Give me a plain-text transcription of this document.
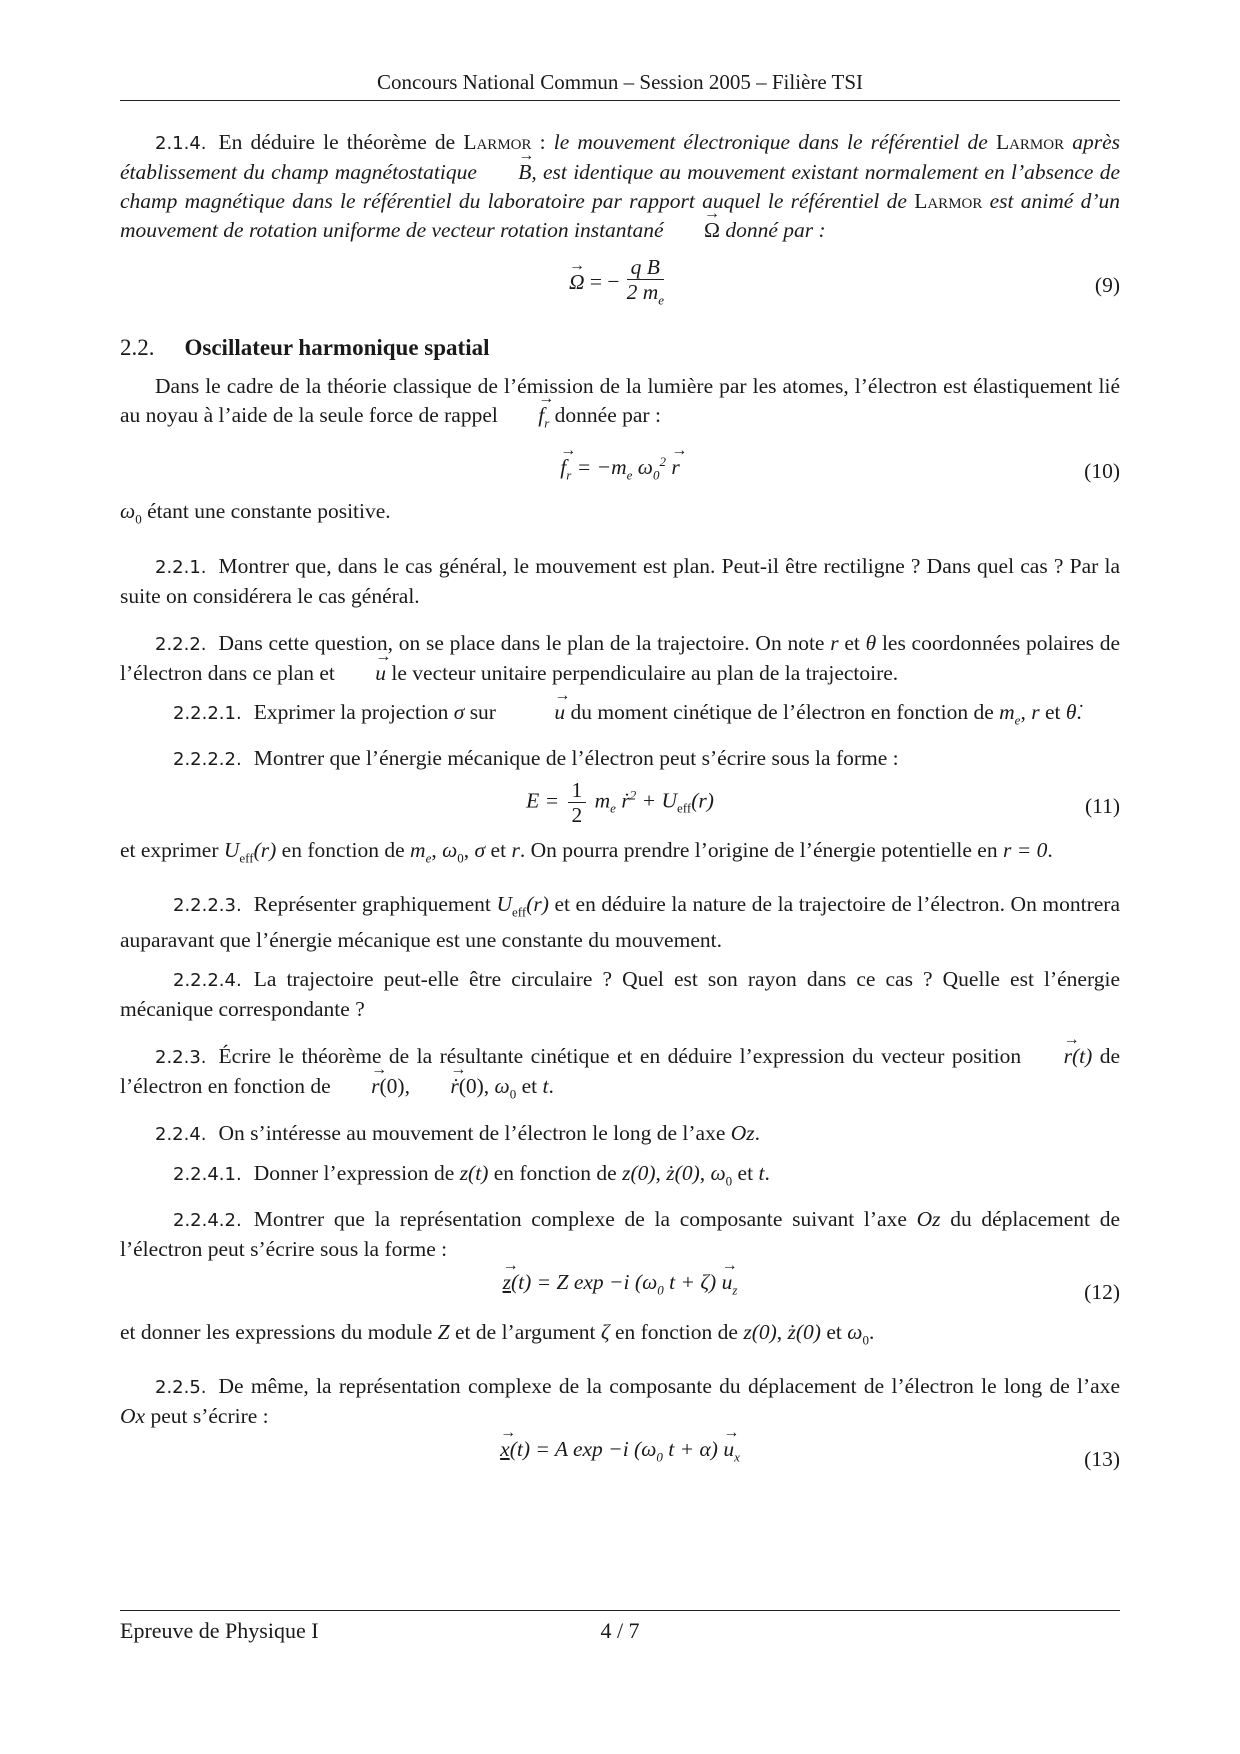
Concours National Commun – Session 2005 – Filière TSI

2.1.4. En déduire le théorème de Larmor : le mouvement électronique dans le référentiel de Larmor après établissement du champ magnétostatique → B, est identique au mouvement existant normalement en l’absence de champ magnétique dans le référentiel du laboratoire par rapport auquel le référentiel de Larmor est animé d’un mouvement de rotation uniforme de vecteur rotation instantané → Ω donné par :

→ Ω = − $\frac{\text{q B}}{2 m_e}$	(9)
2.2. Oscillateur harmonique spatial

Dans le cadre de la théorie classique de l’émission de la lumière par les atomes, l’électron est élastiquement lié au noyau à l’aide de la seule force de rappel → $f_r$ donnée par :

→ $f_r = -m_e$ $\omega_0^2 \to r$	(10)

$\omega_0$ étant une constante positive.

2.2.1. Montrer que, dans le cas général, le mouvement est plan. Peut-il être rectiligne ? Dans quel cas ? Par la suite on considérera le cas général.

2.2.2. Dans cette question, on se place dans le plan de la trajectoire. On note r et θ les coordonnées polaires de l’électron dans ce plan et → u le vecteur unitaire perpendiculaire au plan de la trajectoire.

2.2.2.1. Exprimer la projection σ sur	→ u du moment cinétique de l’électron en fonction de $m_e$, r et θ̇.

2.2.2.2. Montrer que l’énergie mécanique de l’électron peut s’écrire sous la forme :

$E = \frac{1}{2} m_e$ ṙ$^2$ + $U_{eff}(r)$	(11)

et exprimer $U_{eff}(r)$ en fonction de $m_e$, $\omega_0$, σ et r. On pourra prendre l’origine de l’énergie potentielle en r = 0.

2.2.2.3. Représenter graphiquement $U_{eff}(r)$ et en déduire la nature de la trajectoire de l’électron. On montrera auparavant que l’énergie mécanique est une constante du mouvement.

2.2.2.4. La trajectoire peut-elle être circulaire ? Quel est son rayon dans ce cas ? Quelle est l’énergie mécanique correspondante ?

2.2.3. Écrire le théorème de la résultante cinétique et en déduire l’expression du vecteur position → r(t) de l’électron en fonction de → r(0), → ṙ(0), $\omega_0$ et t.

2.2.4. On s’intéresse au mouvement de l’électron le long de l’axe Oz.

2.2.4.1. Donner l’expression de z(t) en fonction de z(0), ż(0), $\omega_0$ et t.

2.2.4.2. Montrer que la représentation complexe de la composante suivant l’axe Oz du déplacement de l’électron peut s’écrire sous la forme :

→ z(t) = Z exp −i ($\omega_0$ $t + \zeta) \to u_z$	(12)

et donner les expressions du module Z et de l’argument ζ en fonction de z(0), ż(0) et $\omega_0$.

2.2.5. De même, la représentation complexe de la composante du déplacement de l’électron le long de l’axe Ox peut s’écrire :

→ x(t) = A exp −i ($\omega_0$ $t + \alpha) \to u_x$	(13)
Epreuve de Physique I	4 / 7
